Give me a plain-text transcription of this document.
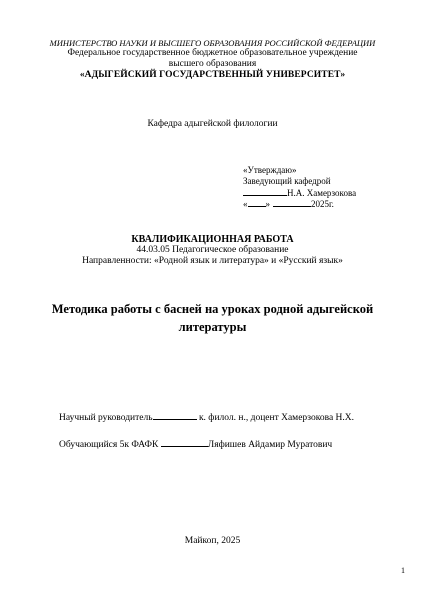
МИНИСТЕРСТВО НАУКИ И ВЫСШЕГО ОБРАЗОВАНИЯ РОССИЙСКОЙ ФЕДЕРАЦИИ
Федеральное государственное бюджетное образовательное учреждение
высшего образования
«АДЫГЕЙСКИЙ ГОСУДАРСТВЕННЫЙ УНИВЕРСИТЕТ»
Кафедра адыгейской филологии
«Утверждаю»
Заведующий кафедрой
Н.А. Хамерзокова
« »	2025г.
КВАЛИФИКАЦИОННАЯ РАБОТА
44.03.05 Педагогическое образование
Направленности: «Родной язык и литература» и «Русский язык»
Методика работы с басней на уроках родной адыгейской
литературы
Научный руководитель	к. филол. н., доцент Хамерзокова Н.Х.
Обучающийся 5к ФАФК	Ляфишев Айдамир Муратович
Майкоп, 2025
1
